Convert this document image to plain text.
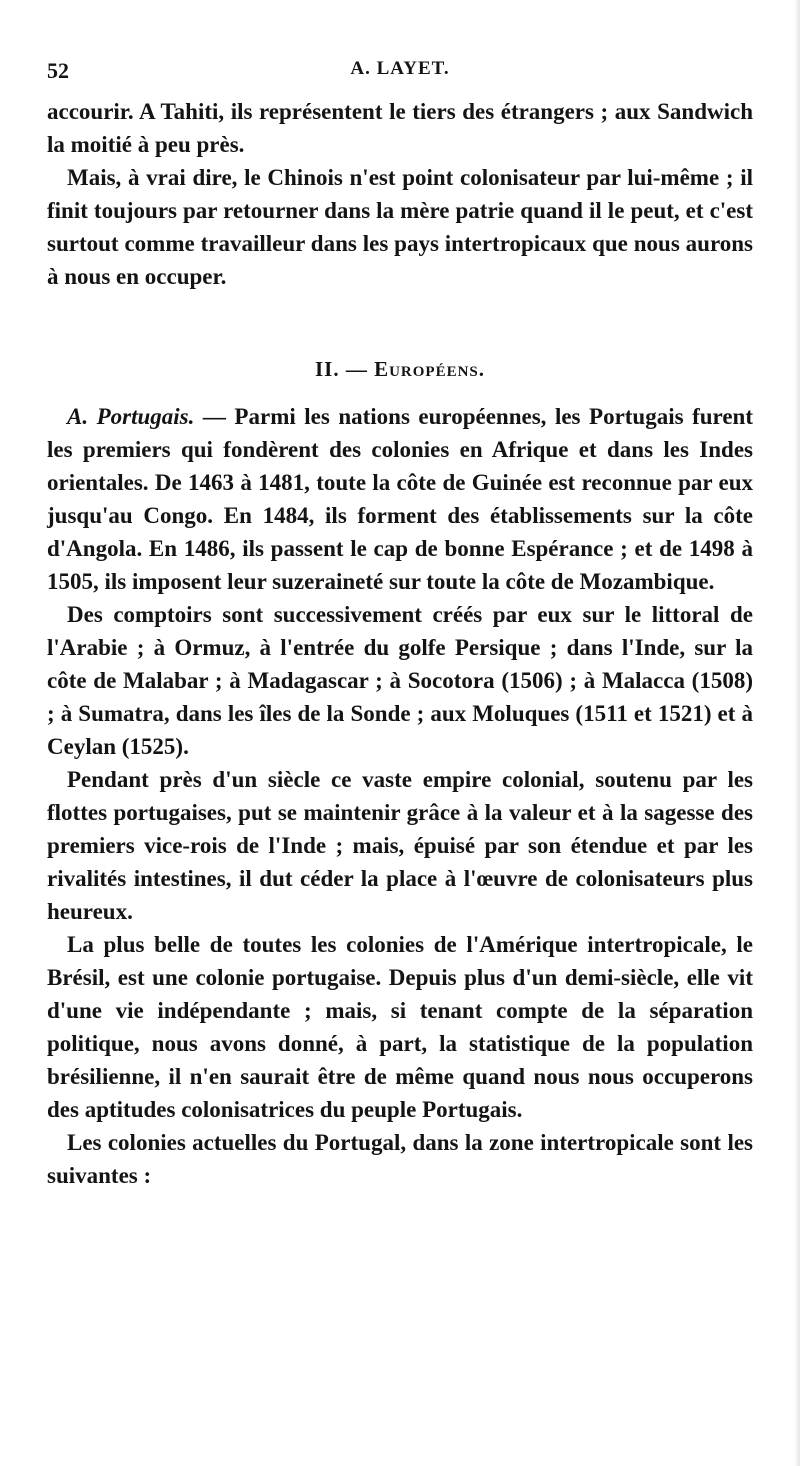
52	A. LAYET.

accourir. A Tahiti, ils représentent le tiers des étrangers ; aux Sandwich la moitié à peu près.

Mais, à vrai dire, le Chinois n'est point colonisateur par lui-même ; il finit toujours par retourner dans la mère patrie quand il le peut, et c'est surtout comme travailleur dans les pays intertropicaux que nous aurons à nous en occuper.

II. — Européens.

A. Portugais. — Parmi les nations européennes, les Portugais furent les premiers qui fondèrent des colonies en Afrique et dans les Indes orientales. De 1463 à 1481, toute la côte de Guinée est reconnue par eux jusqu'au Congo. En 1484, ils forment des établissements sur la côte d'Angola. En 1486, ils passent le cap de bonne Espérance ; et de 1498 à 1505, ils imposent leur suzeraineté sur toute la côte de Mozambique.

Des comptoirs sont successivement créés par eux sur le littoral de l'Arabie ; à Ormuz, à l'entrée du golfe Persique ; dans l'Inde, sur la côte de Malabar ; à Madagascar ; à Socotora (1506) ; à Malacca (1508) ; à Sumatra, dans les îles de la Sonde ; aux Moluques (1511 et 1521) et à Ceylan (1525).

Pendant près d'un siècle ce vaste empire colonial, soutenu par les flottes portugaises, put se maintenir grâce à la valeur et à la sagesse des premiers vice-rois de l'Inde ; mais, épuisé par son étendue et par les rivalités intestines, il dut céder la place à l'œuvre de colonisateurs plus heureux.

La plus belle de toutes les colonies de l'Amérique intertropicale, le Brésil, est une colonie portugaise. Depuis plus d'un demi-siècle, elle vit d'une vie indépendante ; mais, si tenant compte de la séparation politique, nous avons donné, à part, la statistique de la population brésilienne, il n'en saurait être de même quand nous nous occuperons des aptitudes colonisatrices du peuple Portugais.

Les colonies actuelles du Portugal, dans la zone intertropicale sont les suivantes :
